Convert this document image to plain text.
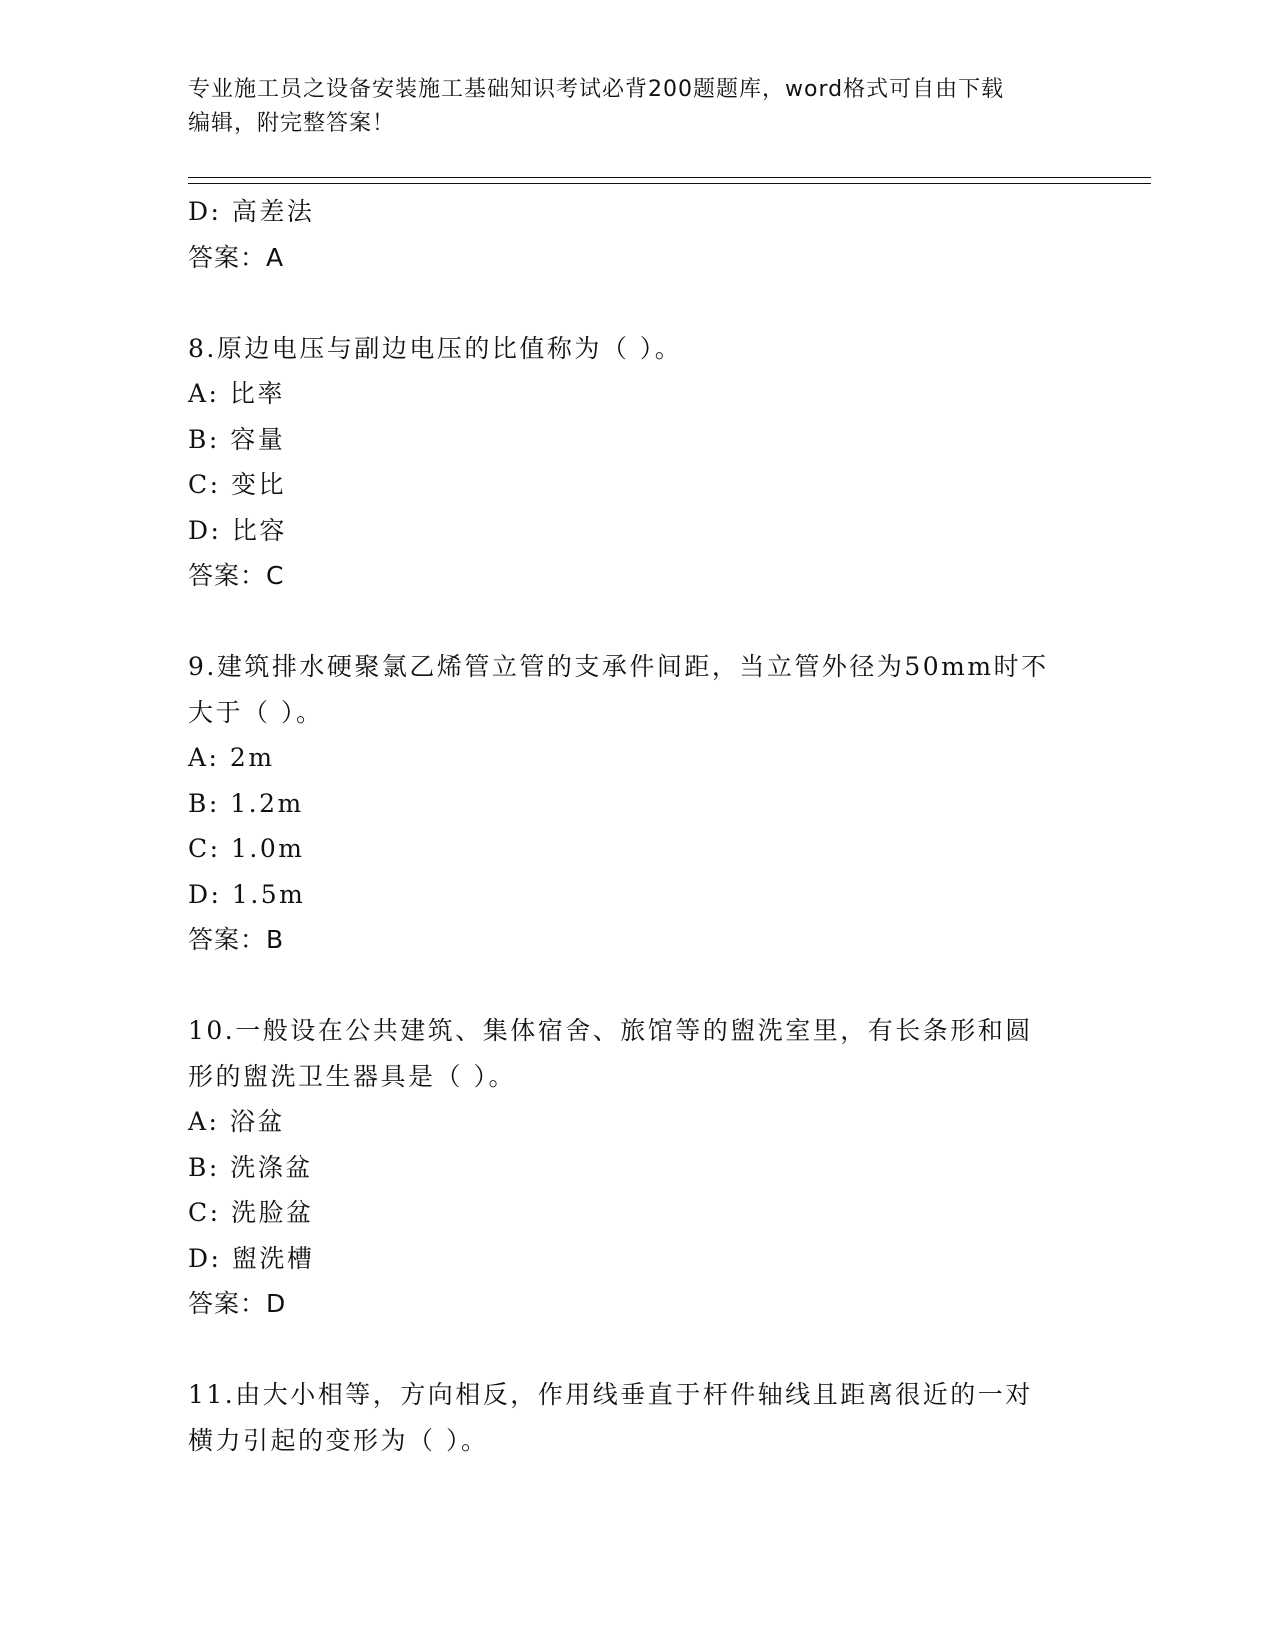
专业施工员之设备安装施工基础知识考试必背200题题库，word格式可自由下载
编辑，附完整答案！
D: 高差法
答案：A
8.原边电压与副边电压的比值称为（ ）。
A: 比率
B: 容量
C: 变比
D: 比容
答案：C
9.建筑排水硬聚氯乙烯管立管的支承件间距，当立管外径为50mm时不
大于（ ）。
A: 2m
B: 1.2m
C: 1.0m
D: 1.5m
答案：B
10.一般设在公共建筑、集体宿舍、旅馆等的盥洗室里，有长条形和圆
形的盥洗卫生器具是（ ）。
A: 浴盆
B: 洗涤盆
C: 洗脸盆
D: 盥洗槽
答案：D
11.由大小相等，方向相反，作用线垂直于杆件轴线且距离很近的一对
横力引起的变形为（ ）。
